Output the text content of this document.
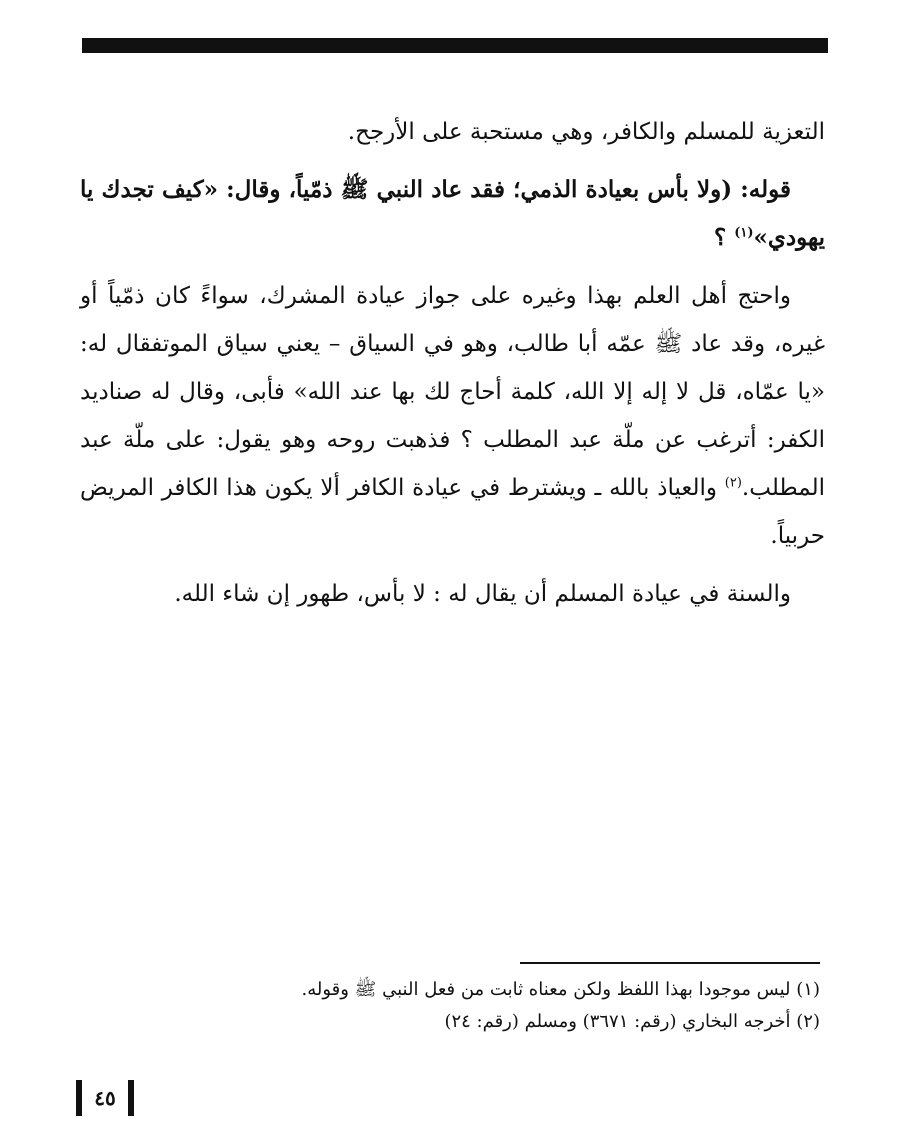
التعزية للمسلم والكافر، وهي مستحبة على الأرجح.

قوله: (ولا بأس بعيادة الذمي؛ فقد عاد النبي ﷺ ذمّياً، وقال: «كيف تجدك يا يهودي»$^{(١)}$ ؟

واحتج أهل العلم بهذا وغيره على جواز عيادة المشرك، سواءً كان ذمّياً أو غيره، وقد عاد ﷺ عمّه أبا طالب، وهو في السياق – يعني سياق الموتفقال له: «يا عمّاه، قل لا إله إلا الله، كلمة أحاج لك بها عند الله» فأبى، وقال له صناديد الكفر: أترغب عن ملّة عبد المطلب ؟ فذهبت روحه وهو يقول: على ملّة عبد المطلب.$^{(٢)}$ والعياذ بالله ـ ويشترط في عيادة الكافر ألا يكون هذا الكافر المريض حربياً.

والسنة في عيادة المسلم أن يقال له : لا بأس، طهور إن شاء الله.

(١) ليس موجودا بهذا اللفظ ولكن معناه ثابت من فعل النبي ﷺ وقوله.
(٢) أخرجه البخاري (رقم: ٣٦٧١) ومسلم (رقم: ٢٤)
٤٥
